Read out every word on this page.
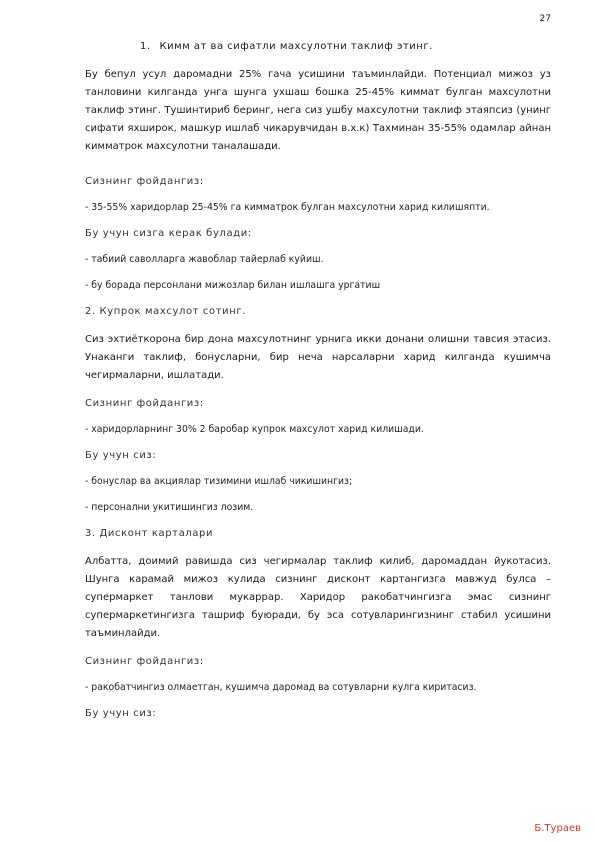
27

1. Кимм ат ва сифатли махсулотни таклиф этинг.

Бу бепул усул даромадни 25% гача усишини таъминлайди. Потенциал мижоз уз танловини килганда унга шунга ухшаш бошка 25-45% киммат булган махсулотни таклиф этинг. Тушинтириб беринг, нега сиз ушбу махсулотни таклиф этаяпсиз (унинг сифати яхширок, машкур ишлаб чикарувчидан в.х.к) Тахминан 35-55% одамлар айнан кимматрок махсулотни таналашади.

Сизнинг фойдангиз:

- 35-55% харидорлар 25-45% га кимматрок булган махсулотни харид килишяпти.

Бу учун сизга керак булади:

- табиий саволларга жавоблар тайерлаб куйиш.

- бу борада персонлани мижозлар билан ишлашга ургатиш

2. Купрок махсулот сотинг.

Сиз эхтиёткорона бир дона махсулотнинг урнига икки донани олишни тавсия этасиз. Унаканги таклиф, бонусларни, бир неча нарсаларни харид килганда кушимча чегирмаларни, ишлатади.

Сизнинг фойдангиз:

- харидорларнинг 30% 2 баробар купрок махсулот харид килишади.

Бу учун сиз:

- бонуслар ва акциялар тизимини ишлаб чикишингиз;

- персонални укитишингиз лозим.

3. Дисконт карталари

Албатта, доимий равишда сиз чегирмалар таклиф килиб, даромаддан йукотасиз. Шунга карамай мижоз кулида сизнинг дисконт картангизга мавжуд булса – супермаркет танлови мукаррар. Харидор ракобатчингизга эмас сизнинг супермаркетингизга ташриф буюради, бу эса сотувларингизнинг стабил усишини таъминлайди.

Сизнинг фойдангиз:

- ракобатчингиз олмаетган, кушимча даромад ва сотувларни кулга киритасиз.

Бу учун сиз:

Б.Тураев
